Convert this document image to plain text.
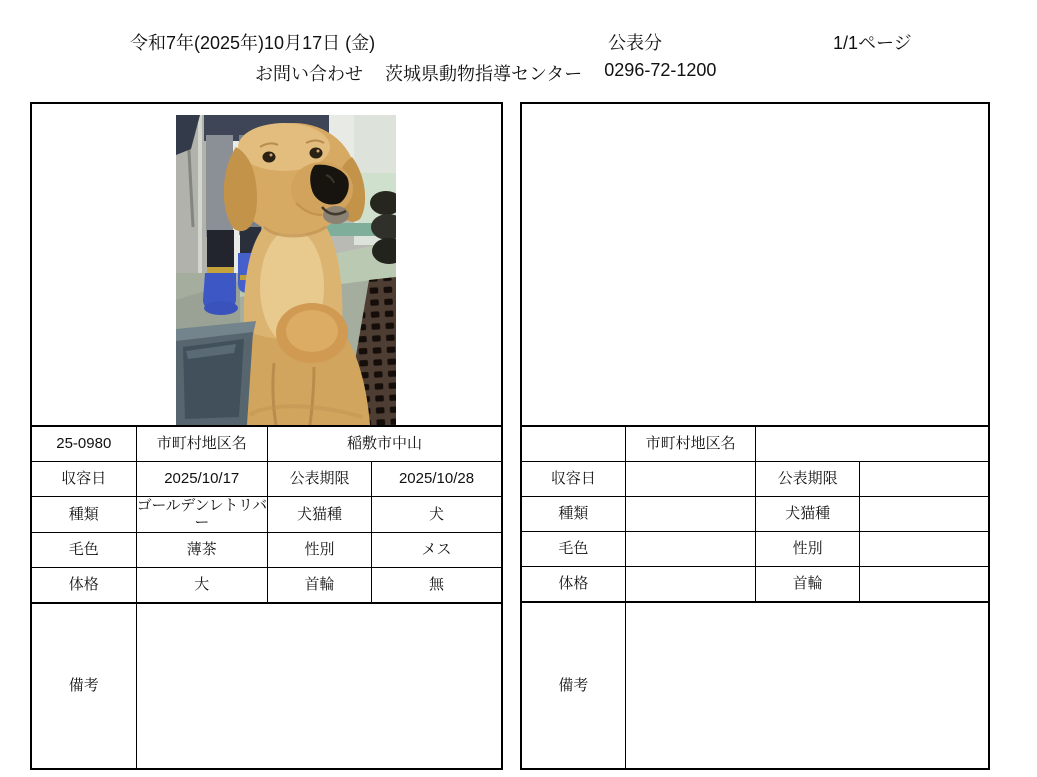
令和7年(2025年)10月17日 (金)	公表分	1/1ページ
お問い合わせ 茨城県動物指導センター 0296-72-1200

25-0980	市町村地区名	稲敷市中山	
収容日	2025/10/17	公表期限	2025/10/28
種類	ゴールデンレトリバー	犬猫種	犬
毛色	薄茶	性別	メス
体格	大	首輪	無
備考			

	市町村地区名		
収容日		公表期限	
種類		犬猫種	
毛色		性別	
体格		首輪	
備考			
